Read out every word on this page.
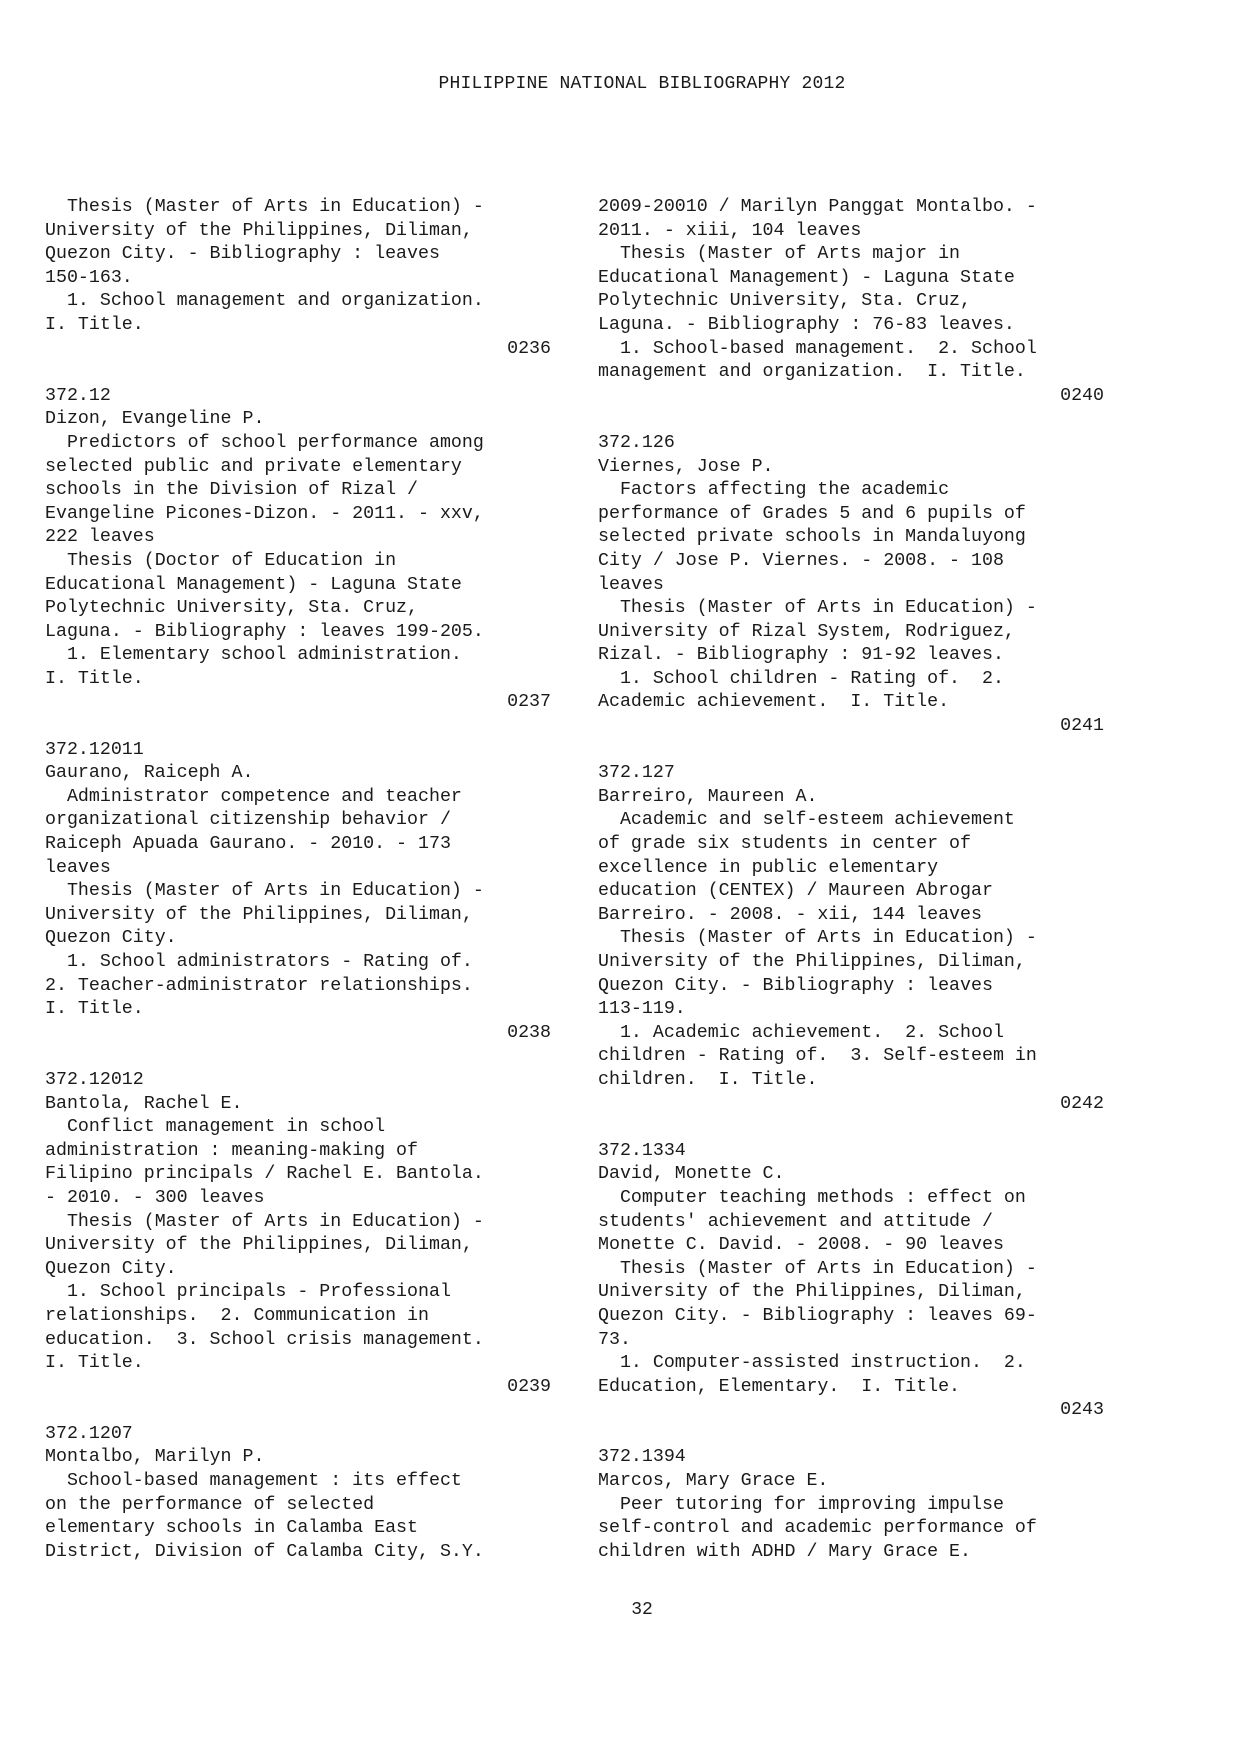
PHILIPPINE NATIONAL BIBLIOGRAPHY 2012
Thesis (Master of Arts in Education) -
University of the Philippines, Diliman,
Quezon City. - Bibliography : leaves
150-163.
1. School management and organization.
I. Title.
0236
372.12
Dizon, Evangeline P.
Predictors of school performance among
selected public and private elementary
schools in the Division of Rizal /
Evangeline Picones-Dizon. - 2011. - xxv,
222 leaves
Thesis (Doctor of Education in
Educational Management) - Laguna State
Polytechnic University, Sta. Cruz,
Laguna. - Bibliography : leaves 199-205.
1. Elementary school administration.
I. Title.
0237
372.12011
Gaurano, Raiceph A.
Administrator competence and teacher
organizational citizenship behavior /
Raiceph Apuada Gaurano. - 2010. - 173
leaves
Thesis (Master of Arts in Education) -
University of the Philippines, Diliman,
Quezon City.
1. School administrators - Rating of.
2. Teacher-administrator relationships.
I. Title.
0238
372.12012
Bantola, Rachel E.
Conflict management in school
administration : meaning-making of
Filipino principals / Rachel E. Bantola.
- 2010. - 300 leaves
Thesis (Master of Arts in Education) -
University of the Philippines, Diliman,
Quezon City.
1. School principals - Professional
relationships.  2. Communication in
education.  3. School crisis management.
I. Title.
0239
372.1207
Montalbo, Marilyn P.
School-based management : its effect
on the performance of selected
elementary schools in Calamba East
District, Division of Calamba City, S.Y.
2009-20010 / Marilyn Panggat Montalbo. -
2011. - xiii, 104 leaves
Thesis (Master of Arts major in
Educational Management) - Laguna State
Polytechnic University, Sta. Cruz,
Laguna. - Bibliography : 76-83 leaves.
1. School-based management.  2. School
management and organization.  I. Title.
0240
372.126
Viernes, Jose P.
Factors affecting the academic
performance of Grades 5 and 6 pupils of
selected private schools in Mandaluyong
City / Jose P. Viernes. - 2008. - 108
leaves
Thesis (Master of Arts in Education) -
University of Rizal System, Rodriguez,
Rizal. - Bibliography : 91-92 leaves.
1. School children - Rating of.  2.
Academic achievement.  I. Title.
0241
372.127
Barreiro, Maureen A.
Academic and self-esteem achievement
of grade six students in center of
excellence in public elementary
education (CENTEX) / Maureen Abrogar
Barreiro. - 2008. - xii, 144 leaves
Thesis (Master of Arts in Education) -
University of the Philippines, Diliman,
Quezon City. - Bibliography : leaves
113-119.
1. Academic achievement.  2. School
children - Rating of.  3. Self-esteem in
children.  I. Title.
0242
372.1334
David, Monette C.
Computer teaching methods : effect on
students' achievement and attitude /
Monette C. David. - 2008. - 90 leaves
Thesis (Master of Arts in Education) -
University of the Philippines, Diliman,
Quezon City. - Bibliography : leaves 69-
73.
1. Computer-assisted instruction.  2.
Education, Elementary.  I. Title.
0243
372.1394
Marcos, Mary Grace E.
Peer tutoring for improving impulse
self-control and academic performance of
children with ADHD / Mary Grace E.
32
